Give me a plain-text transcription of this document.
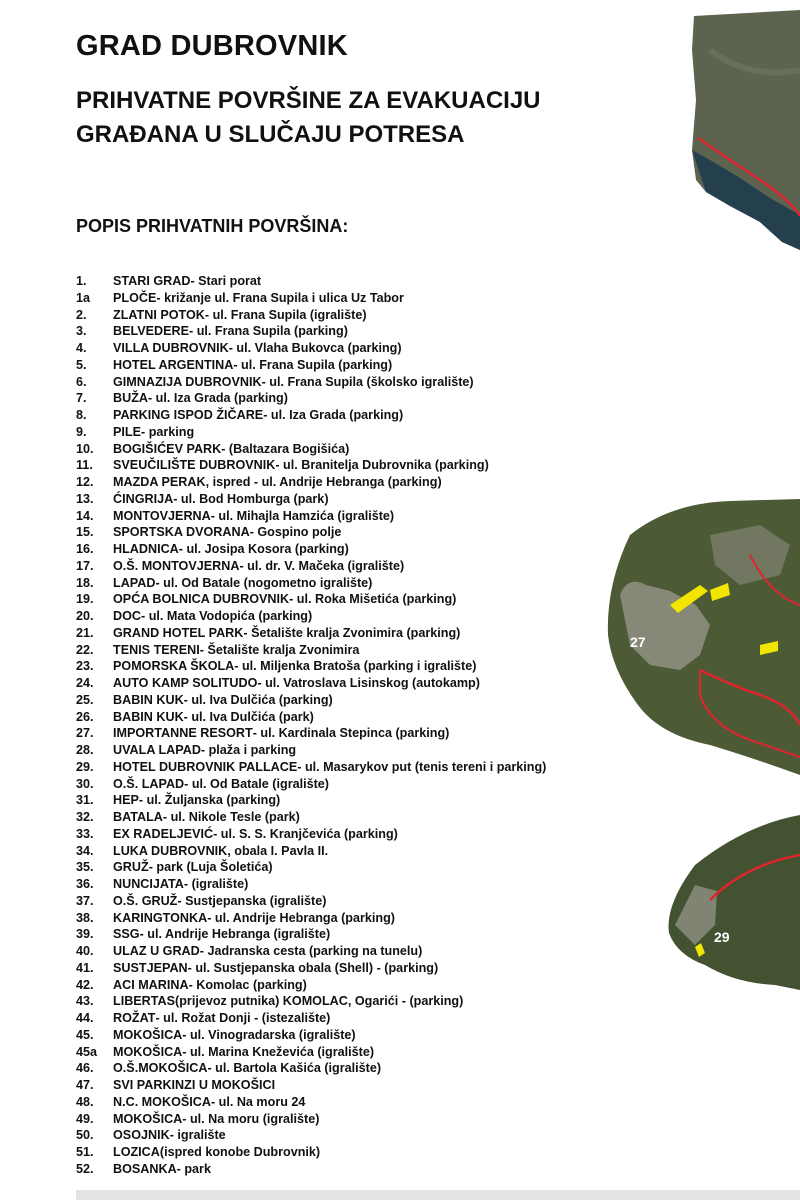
GRAD DUBROVNIK
PRIHVATNE POVRŠINE ZA EVAKUACIJU
GRAĐANA U SLUČAJU POTRESA
POPIS PRIHVATNIH POVRŠINA:
1.	STARI GRAD - Stari porat
1a	PLOČE - križanje ul. Frana Supila i ulica Uz Tabor
2.	ZLATNI POTOK - ul. Frana Supila (igralište)
3.	BELVEDERE - ul. Frana Supila (parking)
4.	VILLA DUBROVNIK - ul. Vlaha Bukovca (parking)
5.	HOTEL ARGENTINA - ul. Frana Supila (parking)
6.	GIMNAZIJA DUBROVNIK - ul. Frana Supila (školsko igralište)
7.	BUŽA - ul. Iza Grada (parking)
8.	PARKING ISPOD ŽIČARE - ul. Iza Grada (parking)
9.	PILE - parking
10.	BOGIŠIĆEV PARK - (Baltazara Bogišića)
11.	SVEUČILIŠTE DUBROVNIK - ul. Branitelja Dubrovnika (parking)
12.	MAZDA PERAK , ispred - ul. Andrije Hebranga (parking)
13.	ĆINGRIJA - ul. Bod Homburga (park)
14.	MONTOVJERNA - ul. Mihajla Hamzića (igralište)
15.	SPORTSKA DVORANA - Gospino polje
16.	HLADNICA - ul. Josipa Kosora (parking)
17.	O.Š. MONTOVJERNA - ul. dr. V. Mačeka (igralište)
18.	LAPAD - ul. Od Batale (nogometno igralište)
19.	OPĆA BOLNICA DUBROVNIK - ul. Roka Mišetića (parking)
20.	DOC - ul. Mata Vodopića (parking)
21.	GRAND HOTEL PARK - Šetalište kralja Zvonimira (parking)
22.	TENIS TERENI - Šetalište kralja Zvonimira
23.	POMORSKA ŠKOLA - ul. Miljenka Bratoša (parking i igralište)
24.	AUTO KAMP SOLITUDO - ul. Vatroslava Lisinskog (autokamp)
25.	BABIN KUK - ul. Iva Dulčića (parking)
26.	BABIN KUK - ul. Iva Dulčića (park)
27.	IMPORTANNE RESORT - ul. Kardinala Stepinca (parking)
28.	UVALA LAPAD - plaža i parking
29.	HOTEL DUBROVNIK PALLACE - ul. Masarykov put (tenis tereni i parking)
30.	O.Š. LAPAD - ul. Od Batale (igralište)
31.	HEP - ul. Žuljanska (parking)
32.	BATALA - ul. Nikole Tesle (park)
33.	EX RADELJEVIĆ - ul. S. S. Kranjčevića (parking)
34.	LUKA DUBROVNIK , obala I. Pavla II.
35.	GRUŽ - park (Luja Šoletića)
36.	NUNCIJATA - (igralište)
37.	O.Š. GRUŽ - Sustjepanska (igralište)
38.	KARINGTONKA - ul. Andrije Hebranga (parking)
39.	SSG - ul. Andrije Hebranga (igralište)
40.	ULAZ U GRAD - Jadranska cesta (parking na tunelu)
41.	SUSTJEPAN - ul. Sustjepanska obala (Shell) - (parking)
42.	ACI MARINA - Komolac (parking)
43.	LIBERTAS (prijevoz putnika) KOMOLAC, Ogarići - (parking)
44.	ROŽAT - ul. Rožat Donji - (istezalište)
45.	MOKOŠICA - ul. Vinogradarska (igralište)
45a	MOKOŠICA - ul. Marina Kneževića (igralište)
46.	O.Š.MOKOŠICA - ul. Bartola Kašića (igralište)
47.	SVI PARKINZI U MOKOŠICI
48.	N.C. MOKOŠICA - ul. Na moru 24
49.	MOKOŠICA - ul. Na moru (igralište)
50.	OSOJNIK - igralište
51.	LOZICA (ispred konobe Dubrovnik)
52.	BOSANKA - park
27
29
